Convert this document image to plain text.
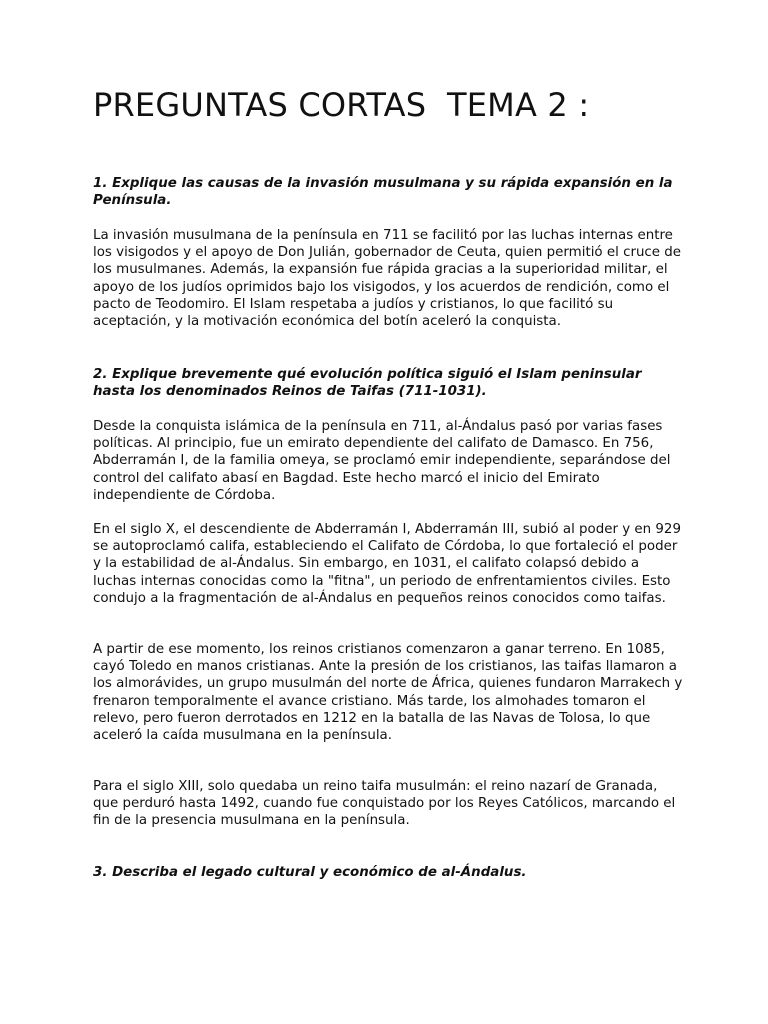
PREGUNTAS CORTAS  TEMA 2 :

1. Explique las causas de la invasión musulmana y su rápida expansión en la Península.

La invasión musulmana de la península en 711 se facilitó por las luchas internas entre los visigodos y el apoyo de Don Julián, gobernador de Ceuta, quien permitió el cruce de los musulmanes. Además, la expansión fue rápida gracias a la superioridad militar, el apoyo de los judíos oprimidos bajo los visigodos, y los acuerdos de rendición, como el pacto de Teodomiro. El Islam respetaba a judíos y cristianos, lo que facilitó su aceptación, y la motivación económica del botín aceleró la conquista.

2. Explique brevemente qué evolución política siguió el Islam peninsular hasta los denominados Reinos de Taifas (711-1031).

Desde la conquista islámica de la península en 711, al-Ándalus pasó por varias fases políticas. Al principio, fue un emirato dependiente del califato de Damasco. En 756, Abderramán I, de la familia omeya, se proclamó emir independiente, separándose del control del califato abasí en Bagdad. Este hecho marcó el inicio del Emirato independiente de Córdoba.

En el siglo X, el descendiente de Abderramán I, Abderramán III, subió al poder y en 929 se autoproclamó califa, estableciendo el Califato de Córdoba, lo que fortaleció el poder y la estabilidad de al-Ándalus. Sin embargo, en 1031, el califato colapsó debido a luchas internas conocidas como la "fitna", un periodo de enfrentamientos civiles. Esto condujo a la fragmentación de al-Ándalus en pequeños reinos conocidos como taifas.

A partir de ese momento, los reinos cristianos comenzaron a ganar terreno. En 1085, cayó Toledo en manos cristianas. Ante la presión de los cristianos, las taifas llamaron a los almorávides, un grupo musulmán del norte de África, quienes fundaron Marrakech y frenaron temporalmente el avance cristiano. Más tarde, los almohades tomaron el relevo, pero fueron derrotados en 1212 en la batalla de las Navas de Tolosa, lo que aceleró la caída musulmana en la península.

Para el siglo XIII, solo quedaba un reino taifa musulmán: el reino nazarí de Granada, que perduró hasta 1492, cuando fue conquistado por los Reyes Católicos, marcando el fin de la presencia musulmana en la península.

3. Describa el legado cultural y económico de al-Ándalus.
